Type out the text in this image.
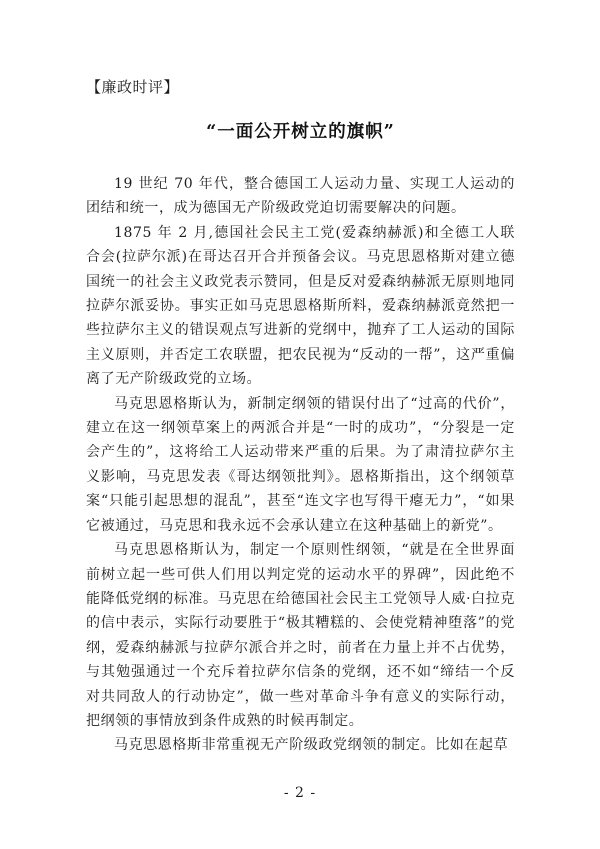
【廉政时评】
“一面公开树立的旗帜”

19 世纪 70 年代，整合德国工人运动力量、实现工人运动的团结和统一，成为德国无产阶级政党迫切需要解决的问题。

1875 年 2 月,德国社会民主工党(爱森纳赫派)和全德工人联合会(拉萨尔派)在哥达召开合并预备会议。马克思恩格斯对建立德国统一的社会主义政党表示赞同，但是反对爱森纳赫派无原则地同拉萨尔派妥协。事实正如马克思恩格斯所料，爱森纳赫派竟然把一些拉萨尔主义的错误观点写进新的党纲中，抛弃了工人运动的国际主义原则，并否定工农联盟，把农民视为“反动的一帮”，这严重偏离了无产阶级政党的立场。

马克思恩格斯认为，新制定纲领的错误付出了“过高的代价”，建立在这一纲领草案上的两派合并是“一时的成功”，“分裂是一定会产生的”，这将给工人运动带来严重的后果。为了肃清拉萨尔主义影响，马克思发表《哥达纲领批判》。恩格斯指出，这个纲领草案“只能引起思想的混乱”，甚至“连文字也写得干瘪无力”，“如果它被通过，马克思和我永远不会承认建立在这种基础上的新党”。

马克思恩格斯认为，制定一个原则性纲领，“就是在全世界面前树立起一些可供人们用以判定党的运动水平的界碑”，因此绝不能降低党纲的标准。马克思在给德国社会民主工党领导人威·白拉克的信中表示，实际行动要胜于“极其糟糕的、会使党精神堕落”的党纲，爱森纳赫派与拉萨尔派合并之时，前者在力量上并不占优势，与其勉强通过一个充斥着拉萨尔信条的党纲，还不如“缔结一个反对共同敌人的行动协定”，做一些对革命斗争有意义的实际行动，把纲领的事情放到条件成熟的时候再制定。

马克思恩格斯非常重视无产阶级政党纲领的制定。比如在起草

- 2 -
